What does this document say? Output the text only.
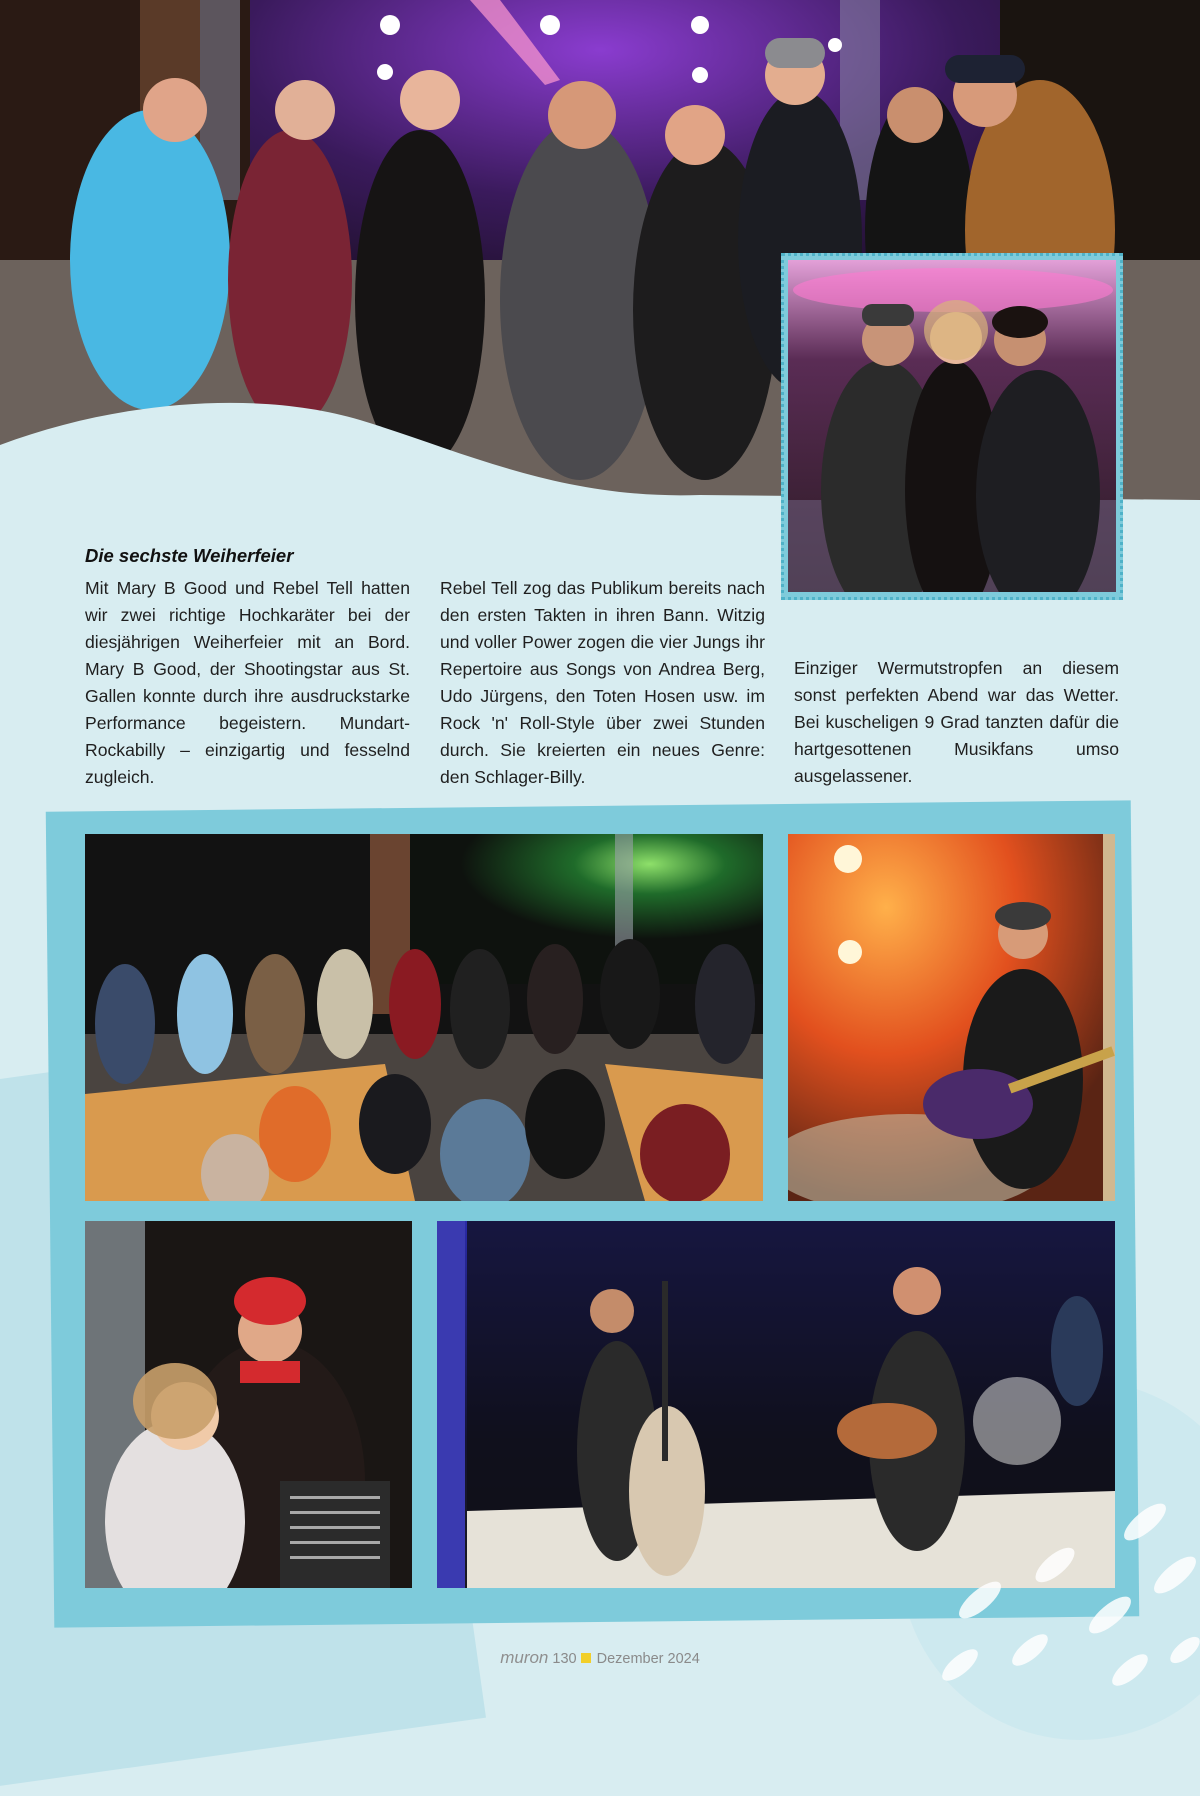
Die sechste Weiherfeier

Mit Mary B Good und Rebel Tell hatten wir zwei richtige Hochkaräter bei der diesjährigen Weiherfeier mit an Bord. Mary B Good, der Shootingstar aus St. Gallen konnte durch ihre ausdruckstarke Performance begeistern. Mundart-Rockabilly – einzigartig und fesselnd zugleich.

Rebel Tell zog das Publikum bereits nach den ersten Takten in ihren Bann. Witzig und voller Power zogen die vier Jungs ihr Repertoire aus Songs von Andrea Berg, Udo Jürgens, den Toten Hosen usw. im Rock 'n' Roll-Style über zwei Stunden durch. Sie kreierten ein neues Genre: den Schlager-Billy.

Einziger Wermutstropfen an diesem sonst perfekten Abend war das Wetter. Bei kuscheligen 9 Grad tanzten dafür die hartgesottenen Musikfans umso ausgelassener.

muron 130 Dezember 2024
